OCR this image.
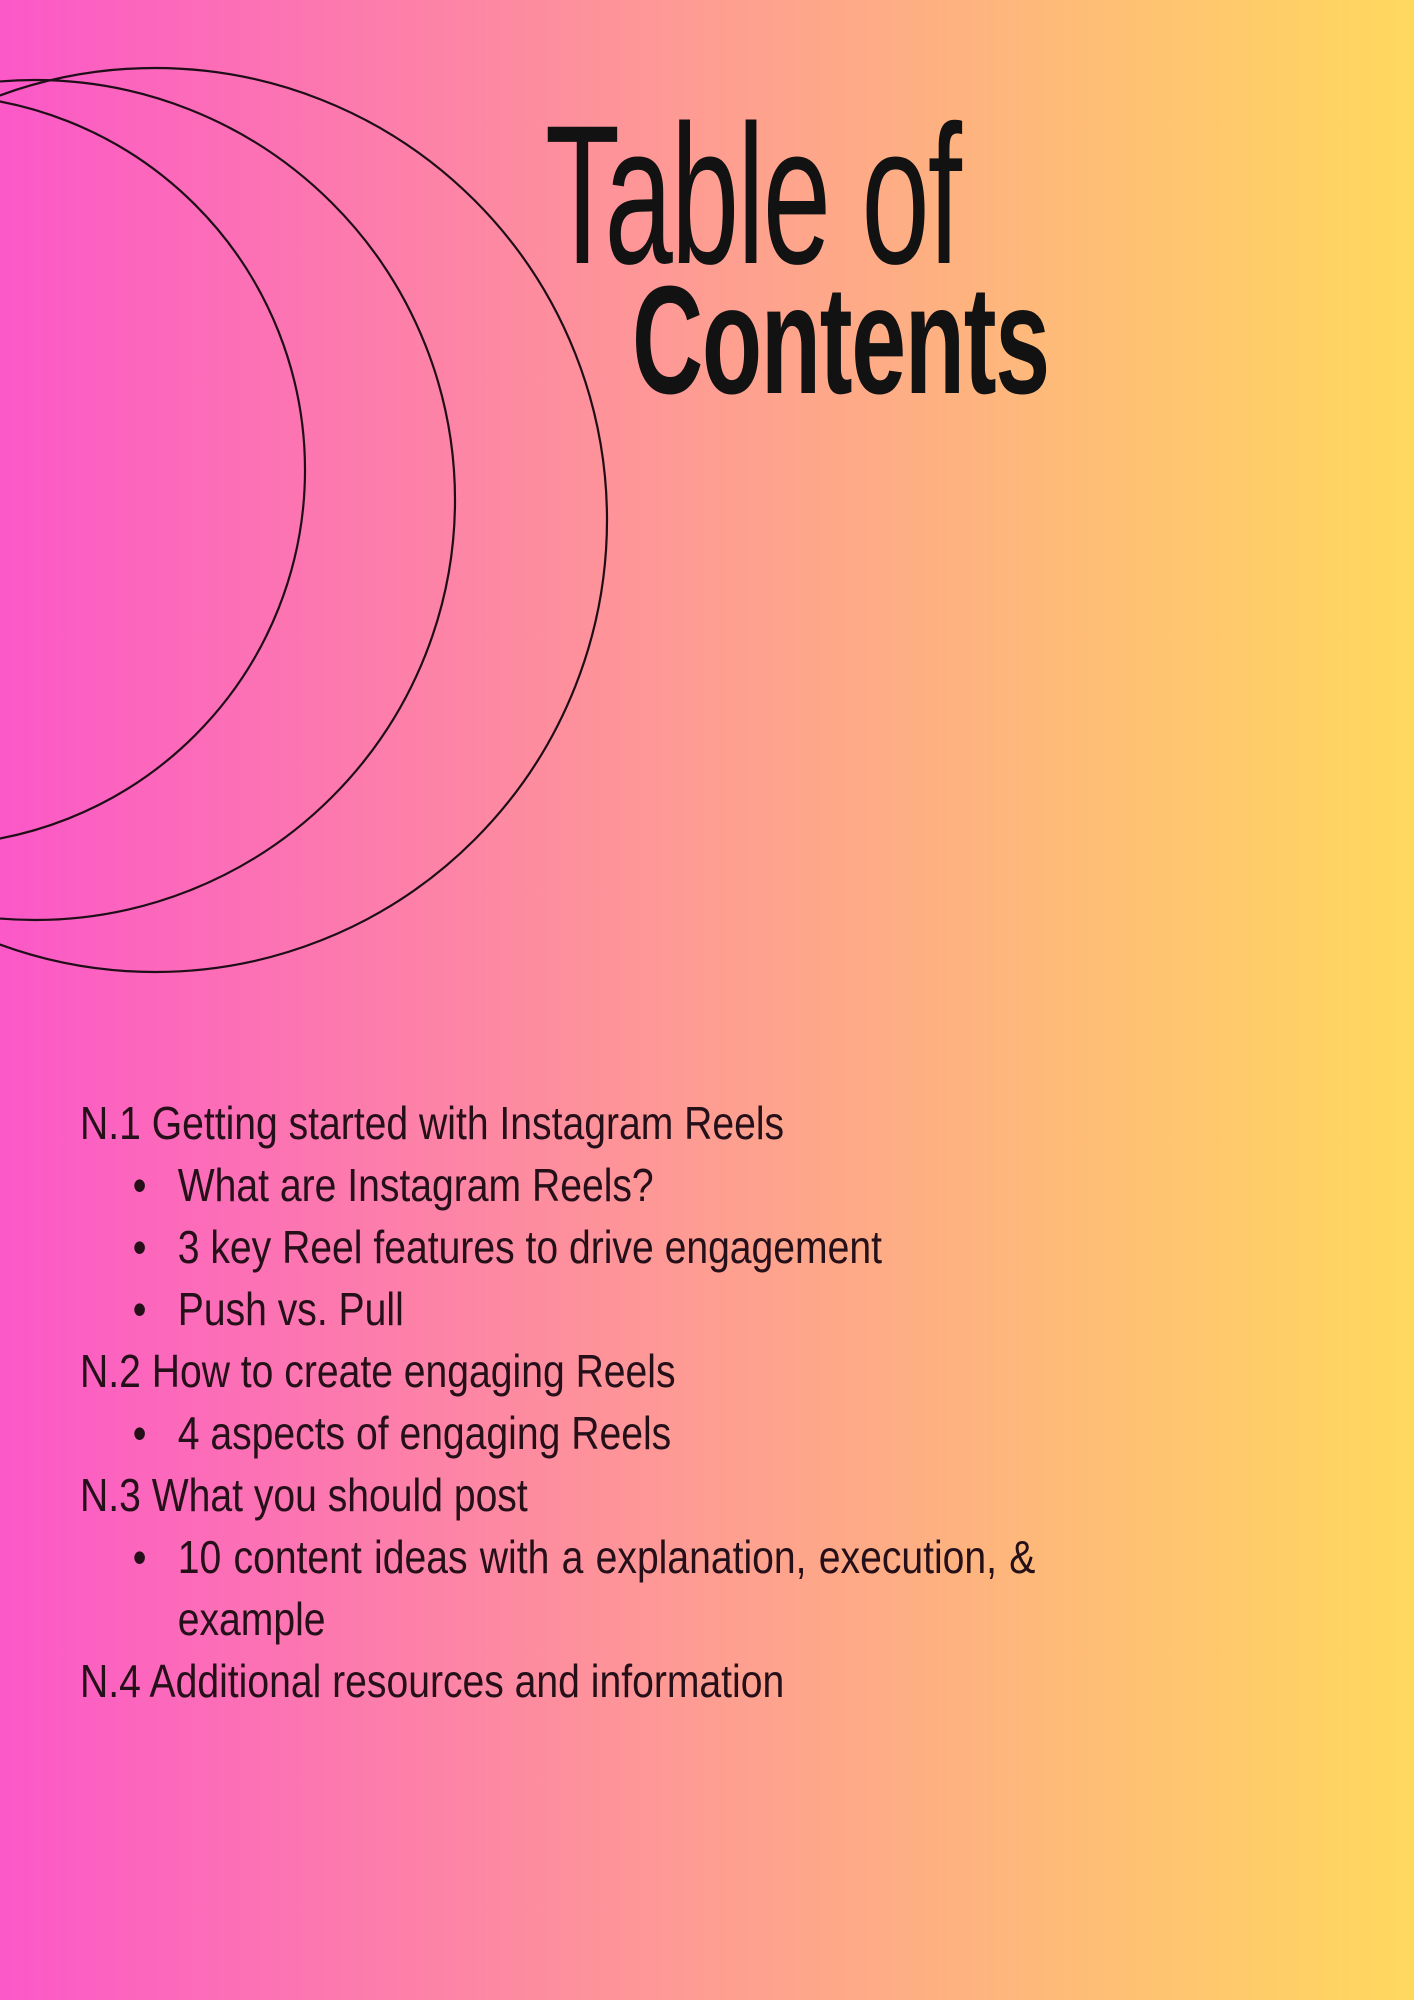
Table of
Contents
N.1 Getting started with Instagram Reels
• What are Instagram Reels?
• 3 key Reel features to drive engagement
• Push vs. Pull
N.2 How to create engaging Reels
• 4 aspects of engaging Reels
N.3 What you should post
• 10 content ideas with a explanation, execution, &
example
N.4 Additional resources and information
